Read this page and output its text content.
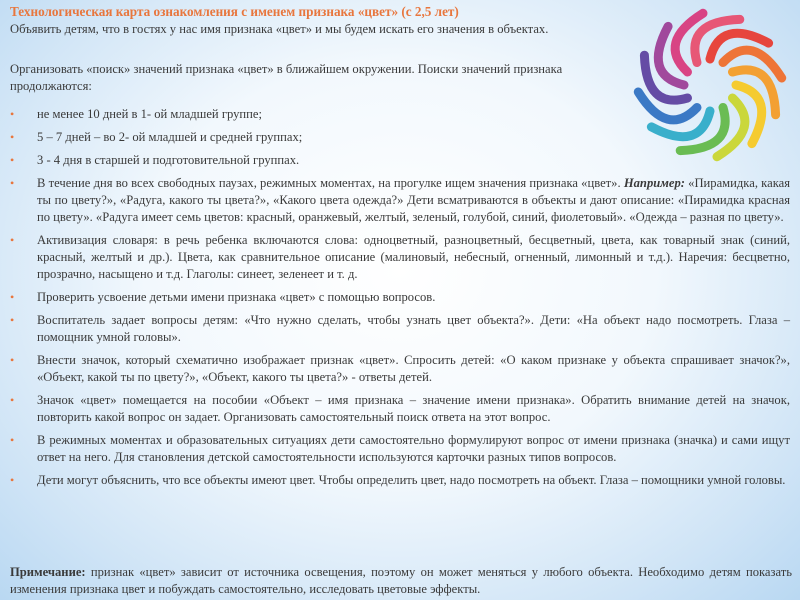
Технологическая карта ознакомления с именем признака «цвет» (с 2,5 лет)
Объявить детям, что в гостях у нас имя признака «цвет» и мы будем искать его значения в объектах.
Организовать «поиск» значений признака «цвет» в ближайшем окружении. Поиски значений признака продолжаются:
• не менее 10 дней в 1- ой младшей группе;
• 5 – 7 дней – во 2- ой младшей и средней группах;
• 3 - 4 дня в старшей и подготовительной группах.
• В течение дня во всех свободных паузах, режимных моментах, на прогулке ищем значения признака «цвет». Например: «Пирамидка, какая ты по цвету?», «Радуга, какого ты цвета?», «Какого цвета одежда?» Дети всматриваются в объекты и дают описание: «Пирамидка красная по цвету». «Радуга имеет семь цветов: красный, оранжевый, желтый, зеленый, голубой, синий, фиолетовый». «Одежда – разная по цвету».
• Активизация словаря: в речь ребенка включаются слова: одноцветный, разноцветный, бесцветный, цвета, как товарный знак (синий, красный, желтый и др.). Цвета, как сравнительное описание (малиновый, небесный, огненный, лимонный и т.д.). Наречия: бесцветно, прозрачно, насыщено и т.д. Глаголы: синеет, зеленеет и т. д.
• Проверить усвоение детьми имени признака «цвет» с помощью вопросов.
• Воспитатель задает вопросы детям: «Что нужно сделать, чтобы узнать цвет объекта?». Дети: «На объект надо посмотреть. Глаза – помощник умной головы».
• Внести значок, который схематично изображает признак «цвет». Спросить детей: «О каком признаке у объекта спрашивает значок?», «Объект, какой ты по цвету?», «Объект, какого ты цвета?» - ответы детей.
• Значок «цвет» помещается на пособии «Объект – имя признака – значение имени признака». Обратить внимание детей на значок, повторить какой вопрос он задает. Организовать самостоятельный поиск ответа на этот вопрос.
• В режимных моментах и образовательных ситуациях дети самостоятельно формулируют вопрос от имени признака (значка) и сами ищут ответ на него. Для становления детской самостоятельности используются карточки разных типов вопросов.
• Дети могут объяснить, что все объекты имеют цвет. Чтобы определить цвет, надо посмотреть на объект. Глаза – помощники умной головы.
Примечание: признак «цвет» зависит от источника освещения, поэтому он может меняться у любого объекта. Необходимо детям показать изменения признака цвет и побуждать самостоятельно, исследовать цветовые эффекты.
